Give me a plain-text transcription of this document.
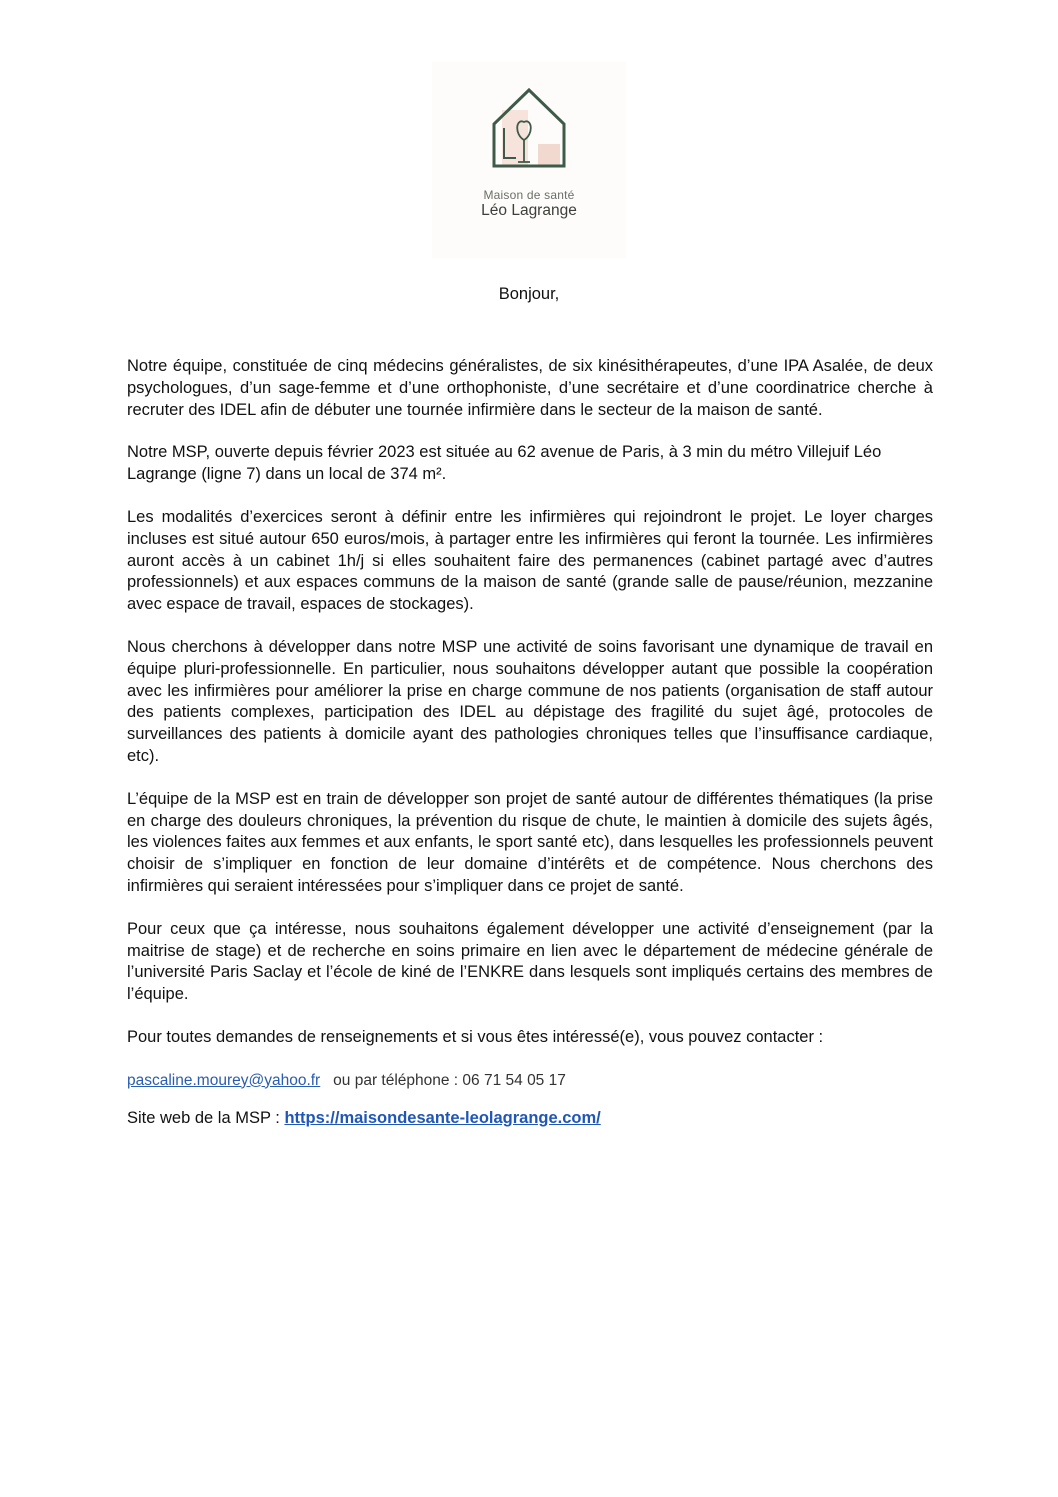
Maison de santé
Léo Lagrange
Bonjour,

Notre équipe, constituée de cinq médecins généralistes, de six kinésithérapeutes, d’une IPA Asalée, de deux psychologues, d’un sage-femme et d’une orthophoniste, d’une secrétaire et d’une coordinatrice cherche à recruter des IDEL afin de débuter une tournée infirmière dans le secteur de la maison de santé.

Notre MSP, ouverte depuis février 2023 est située au 62 avenue de Paris, à 3 min du métro Villejuif Léo Lagrange (ligne 7) dans un local de 374 m².

Les modalités d’exercices seront à définir entre les infirmières qui rejoindront le projet. Le loyer charges incluses est situé autour 650 euros/mois, à partager entre les infirmières qui feront la tournée. Les infirmières auront accès à un cabinet 1h/j si elles souhaitent faire des permanences (cabinet partagé avec d’autres professionnels) et aux espaces communs de la maison de santé (grande salle de pause/réunion, mezzanine avec espace de travail, espaces de stockages).

Nous cherchons à développer dans notre MSP une activité de soins favorisant une dynamique de travail en équipe pluri-professionnelle. En particulier, nous souhaitons développer autant que possible la coopération avec les infirmières pour améliorer la prise en charge commune de nos patients (organisation de staff autour des patients complexes, participation des IDEL au dépistage des fragilité du sujet âgé, protocoles de surveillances des patients à domicile ayant des pathologies chroniques telles que l’insuffisance cardiaque, etc).

L’équipe de la MSP est en train de développer son projet de santé autour de différentes thématiques (la prise en charge des douleurs chroniques, la prévention du risque de chute, le maintien à domicile des sujets âgés, les violences faites aux femmes et aux enfants, le sport santé etc), dans lesquelles les professionnels peuvent choisir de s’impliquer en fonction de leur domaine d’intérêts et de compétence. Nous cherchons des infirmières qui seraient intéressées pour s’impliquer dans ce projet de santé.

Pour ceux que ça intéresse, nous souhaitons également développer une activité d’enseignement (par la maitrise de stage) et de recherche en soins primaire en lien avec le département de médecine générale de l’université Paris Saclay et l’école de kiné de l’ENKRE dans lesquels sont impliqués certains des membres de l’équipe.

Pour toutes demandes de renseignements et si vous êtes intéressé(e), vous pouvez contacter :

pascaline.mourey@yahoo.fr ou par téléphone : 06 71 54 05 17
Site web de la MSP : https://maisondesante-leolagrange.com/
